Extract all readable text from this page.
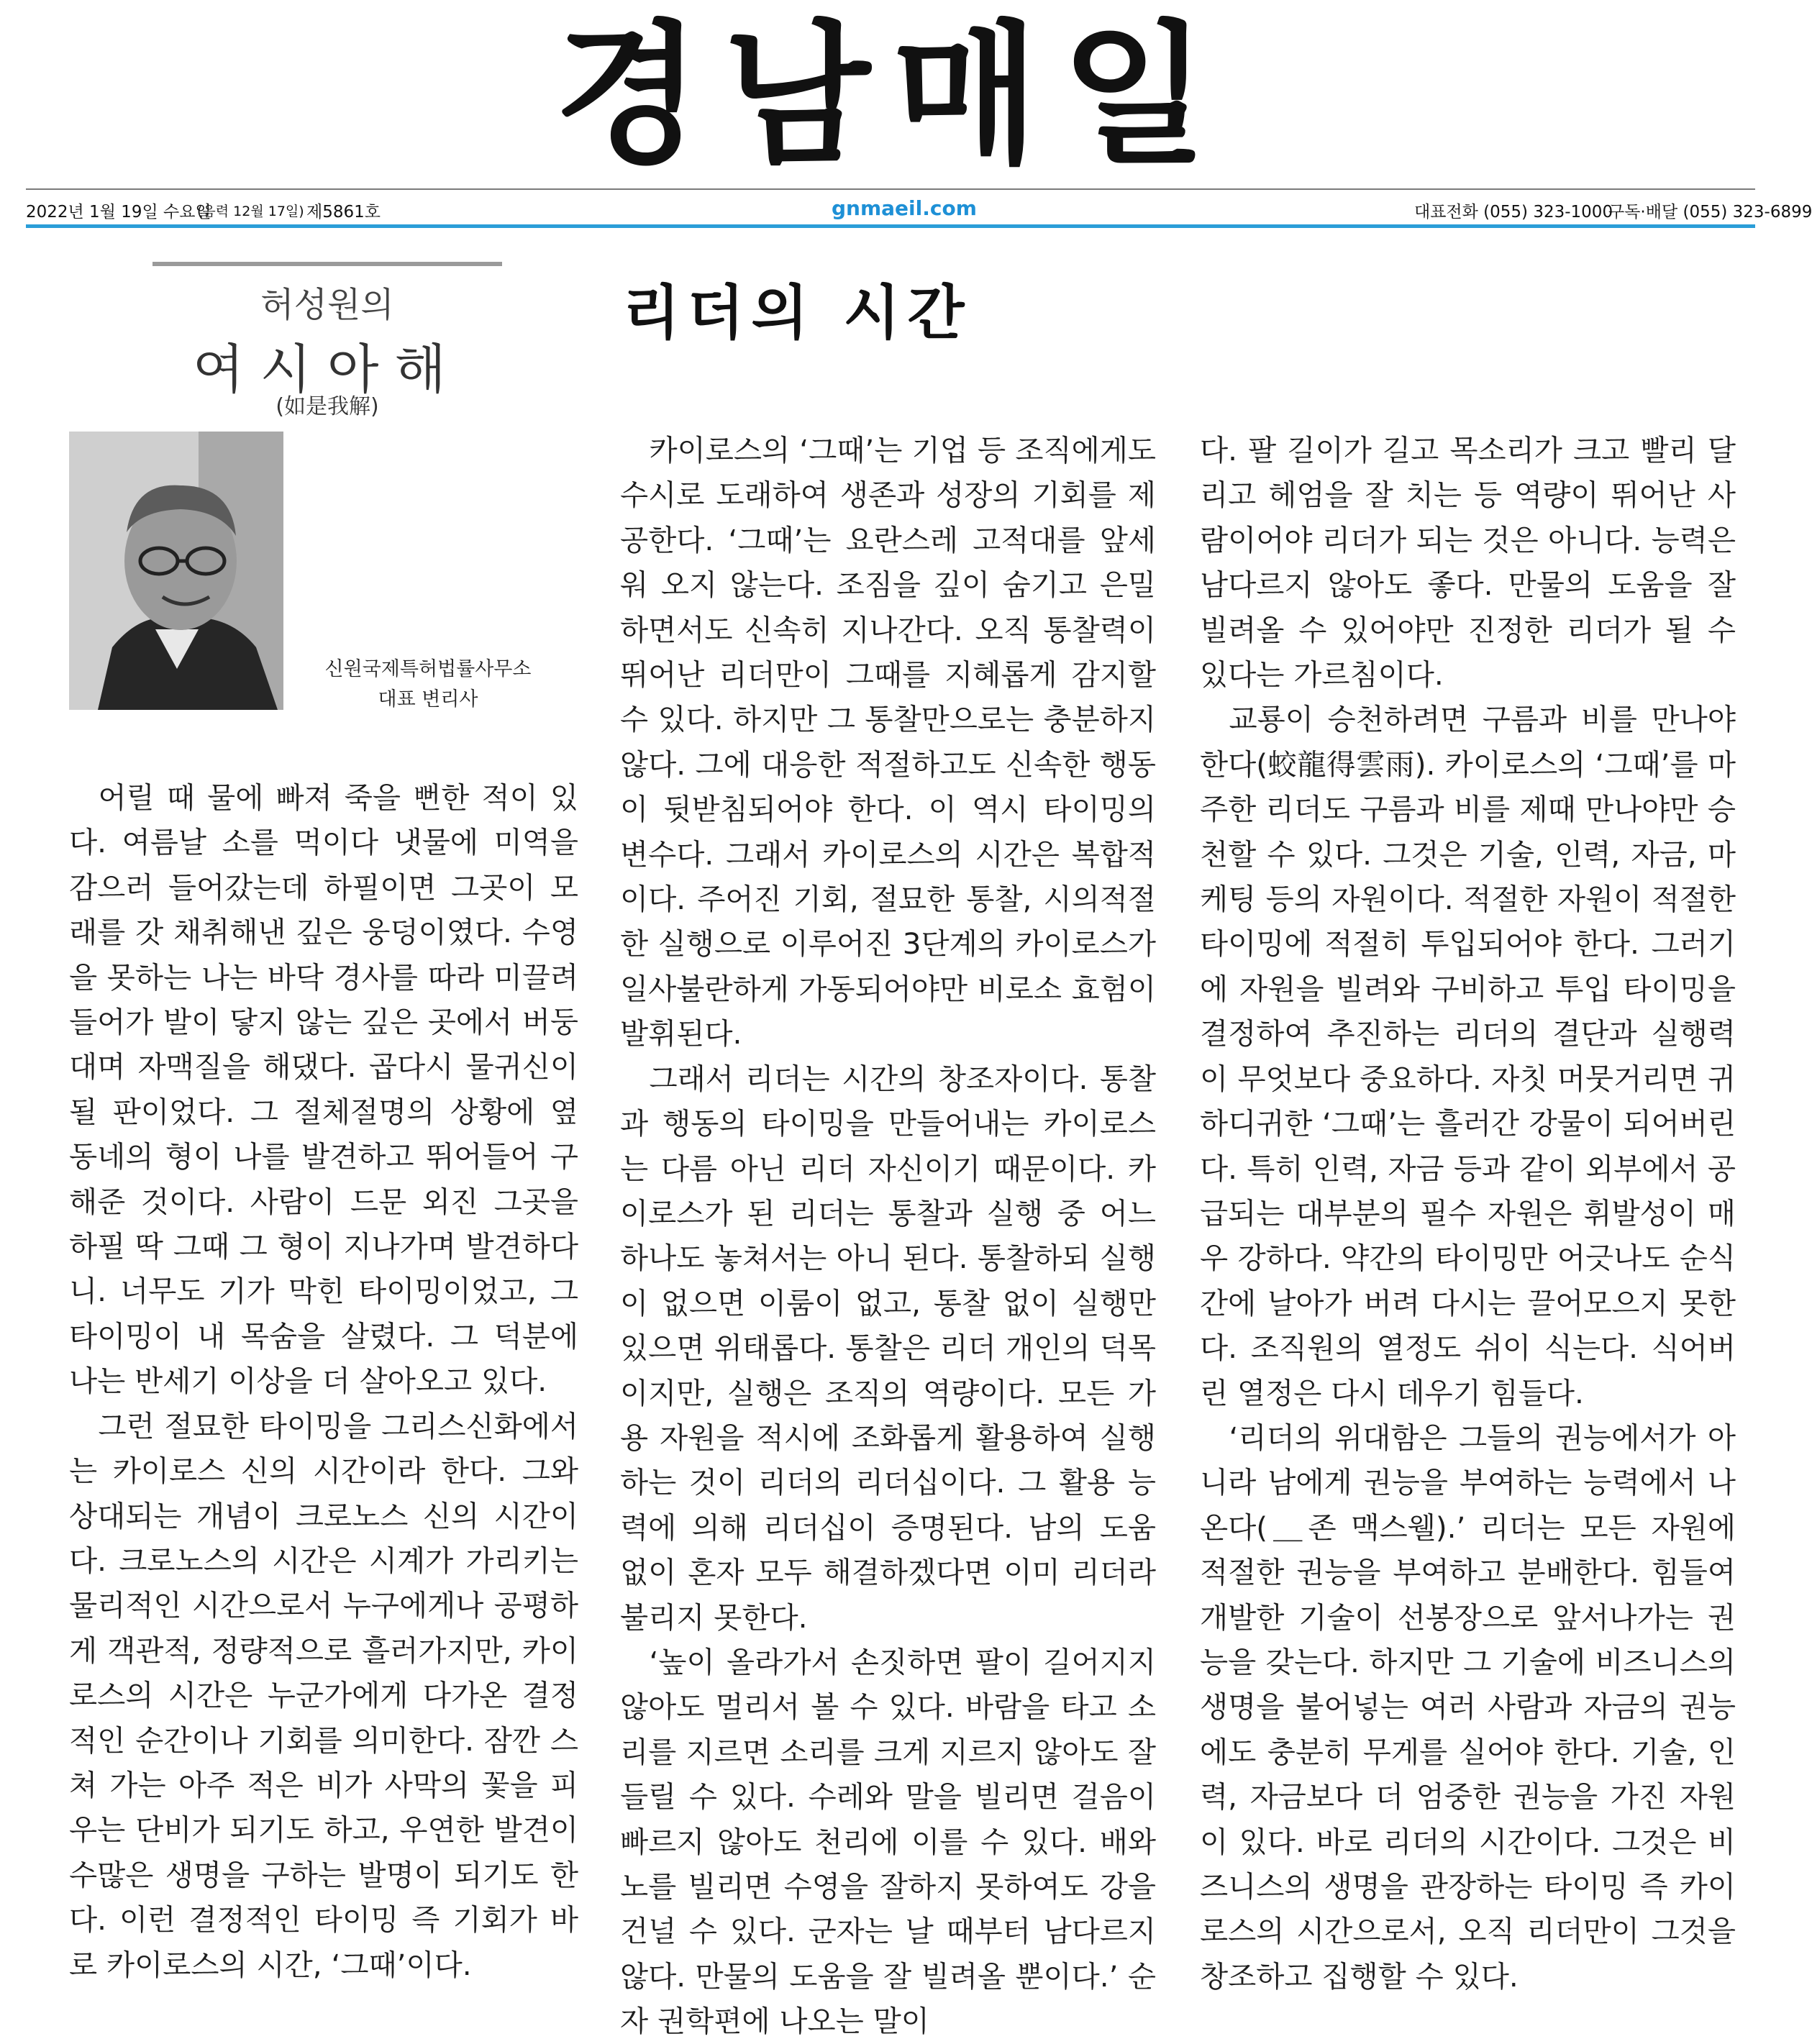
경남매일
2022년 1월 19일 수요일
(음력 12월 17일) 제5861호	gnmaeil.com	대표전화 (055) 323-1000
구독·배달 (055) 323-6899
허성원의
여시아해
(如是我解)
신원국제특허법률사무소
대표 변리사
리더의 시간

어릴 때 물에 빠져 죽을 뻔한 적이 있다. 여름날 소를 먹이다 냇물에 미역을 감으러 들어갔는데 하필이면 그곳이 모래를 갓 채취해낸 깊은 웅덩이였다. 수영을 못하는 나는 바닥 경사를 따라 미끌려 들어가 발이 닿지 않는 깊은 곳에서 버둥대며 자맥질을 해댔다. 곱다시 물귀신이 될 판이었다. 그 절체절명의 상황에 옆 동네의 형이 나를 발견하고 뛰어들어 구해준 것이다. 사람이 드문 외진 그곳을 하필 딱 그때 그 형이 지나가며 발견하다니. 너무도 기가 막힌 타이밍이었고, 그 타이밍이 내 목숨을 살렸다. 그 덕분에 나는 반세기 이상을 더 살아오고 있다.

그런 절묘한 타이밍을 그리스신화에서는 카이로스 신의 시간이라 한다. 그와 상대되는 개념이 크로노스 신의 시간이다. 크로노스의 시간은 시계가 가리키는 물리적인 시간으로서 누구에게나 공평하게 객관적, 정량적으로 흘러가지만, 카이로스의 시간은 누군가에게 다가온 결정적인 순간이나 기회를 의미한다. 잠깐 스쳐 가는 아주 적은 비가 사막의 꽃을 피우는 단비가 되기도 하고, 우연한 발견이 수많은 생명을 구하는 발명이 되기도 한다. 이런 결정적인 타이밍 즉 기회가 바로 카이로스의 시간, ‘그때’이다.

카이로스의 ‘그때’는 기업 등 조직에게도 수시로 도래하여 생존과 성장의 기회를 제공한다. ‘그때’는 요란스레 고적대를 앞세워 오지 않는다. 조짐을 깊이 숨기고 은밀하면서도 신속히 지나간다. 오직 통찰력이 뛰어난 리더만이 그때를 지혜롭게 감지할 수 있다. 하지만 그 통찰만으로는 충분하지 않다. 그에 대응한 적절하고도 신속한 행동이 뒷받침되어야 한다. 이 역시 타이밍의 변수다. 그래서 카이로스의 시간은 복합적이다. 주어진 기회, 절묘한 통찰, 시의적절한 실행으로 이루어진 3단계의 카이로스가 일사불란하게 가동되어야만 비로소 효험이 발휘된다.

그래서 리더는 시간의 창조자이다. 통찰과 행동의 타이밍을 만들어내는 카이로스는 다름 아닌 리더 자신이기 때문이다. 카이로스가 된 리더는 통찰과 실행 중 어느 하나도 놓쳐서는 아니 된다. 통찰하되 실행이 없으면 이룸이 없고, 통찰 없이 실행만 있으면 위태롭다. 통찰은 리더 개인의 덕목이지만, 실행은 조직의 역량이다. 모든 가용 자원을 적시에 조화롭게 활용하여 실행하는 것이 리더의 리더십이다. 그 활용 능력에 의해 리더십이 증명된다. 남의 도움 없이 혼자 모두 해결하겠다면 이미 리더라 불리지 못한다.

‘높이 올라가서 손짓하면 팔이 길어지지 않아도 멀리서 볼 수 있다. 바람을 타고 소리를 지르면 소리를 크게 지르지 않아도 잘 들릴 수 있다. 수레와 말을 빌리면 걸음이 빠르지 않아도 천리에 이를 수 있다. 배와 노를 빌리면 수영을 잘하지 못하여도 강을 건널 수 있다. 군자는 날 때부터 남다르지 않다. 만물의 도움을 잘 빌려올 뿐이다.’ 순자 권학편에 나오는 말이

다. 팔 길이가 길고 목소리가 크고 빨리 달리고 헤엄을 잘 치는 등 역량이 뛰어난 사람이어야 리더가 되는 것은 아니다. 능력은 남다르지 않아도 좋다. 만물의 도움을 잘 빌려올 수 있어야만 진정한 리더가 될 수 있다는 가르침이다.

교룡이 승천하려면 구름과 비를 만나야 한다(蛟龍得雲雨). 카이로스의 ‘그때’를 마주한 리더도 구름과 비를 제때 만나야만 승천할 수 있다. 그것은 기술, 인력, 자금, 마케팅 등의 자원이다. 적절한 자원이 적절한 타이밍에 적절히 투입되어야 한다. 그러기에 자원을 빌려와 구비하고 투입 타이밍을 결정하여 추진하는 리더의 결단과 실행력이 무엇보다 중요하다. 자칫 머뭇거리면 귀하디귀한 ‘그때’는 흘러간 강물이 되어버린다. 특히 인력, 자금 등과 같이 외부에서 공급되는 대부분의 필수 자원은 휘발성이 매우 강하다. 약간의 타이밍만 어긋나도 순식간에 날아가 버려 다시는 끌어모으지 못한다. 조직원의 열정도 쉬이 식는다. 식어버린 열정은 다시 데우기 힘들다.

‘리더의 위대함은 그들의 권능에서가 아니라 남에게 권능을 부여하는 능력에서 나온다(＿존 맥스웰).’ 리더는 모든 자원에 적절한 권능을 부여하고 분배한다. 힘들여 개발한 기술이 선봉장으로 앞서나가는 권능을 갖는다. 하지만 그 기술에 비즈니스의 생명을 불어넣는 여러 사람과 자금의 권능에도 충분히 무게를 실어야 한다. 기술, 인력, 자금보다 더 엄중한 권능을 가진 자원이 있다. 바로 리더의 시간이다. 그것은 비즈니스의 생명을 관장하는 타이밍 즉 카이로스의 시간으로서, 오직 리더만이 그것을 창조하고 집행할 수 있다.
